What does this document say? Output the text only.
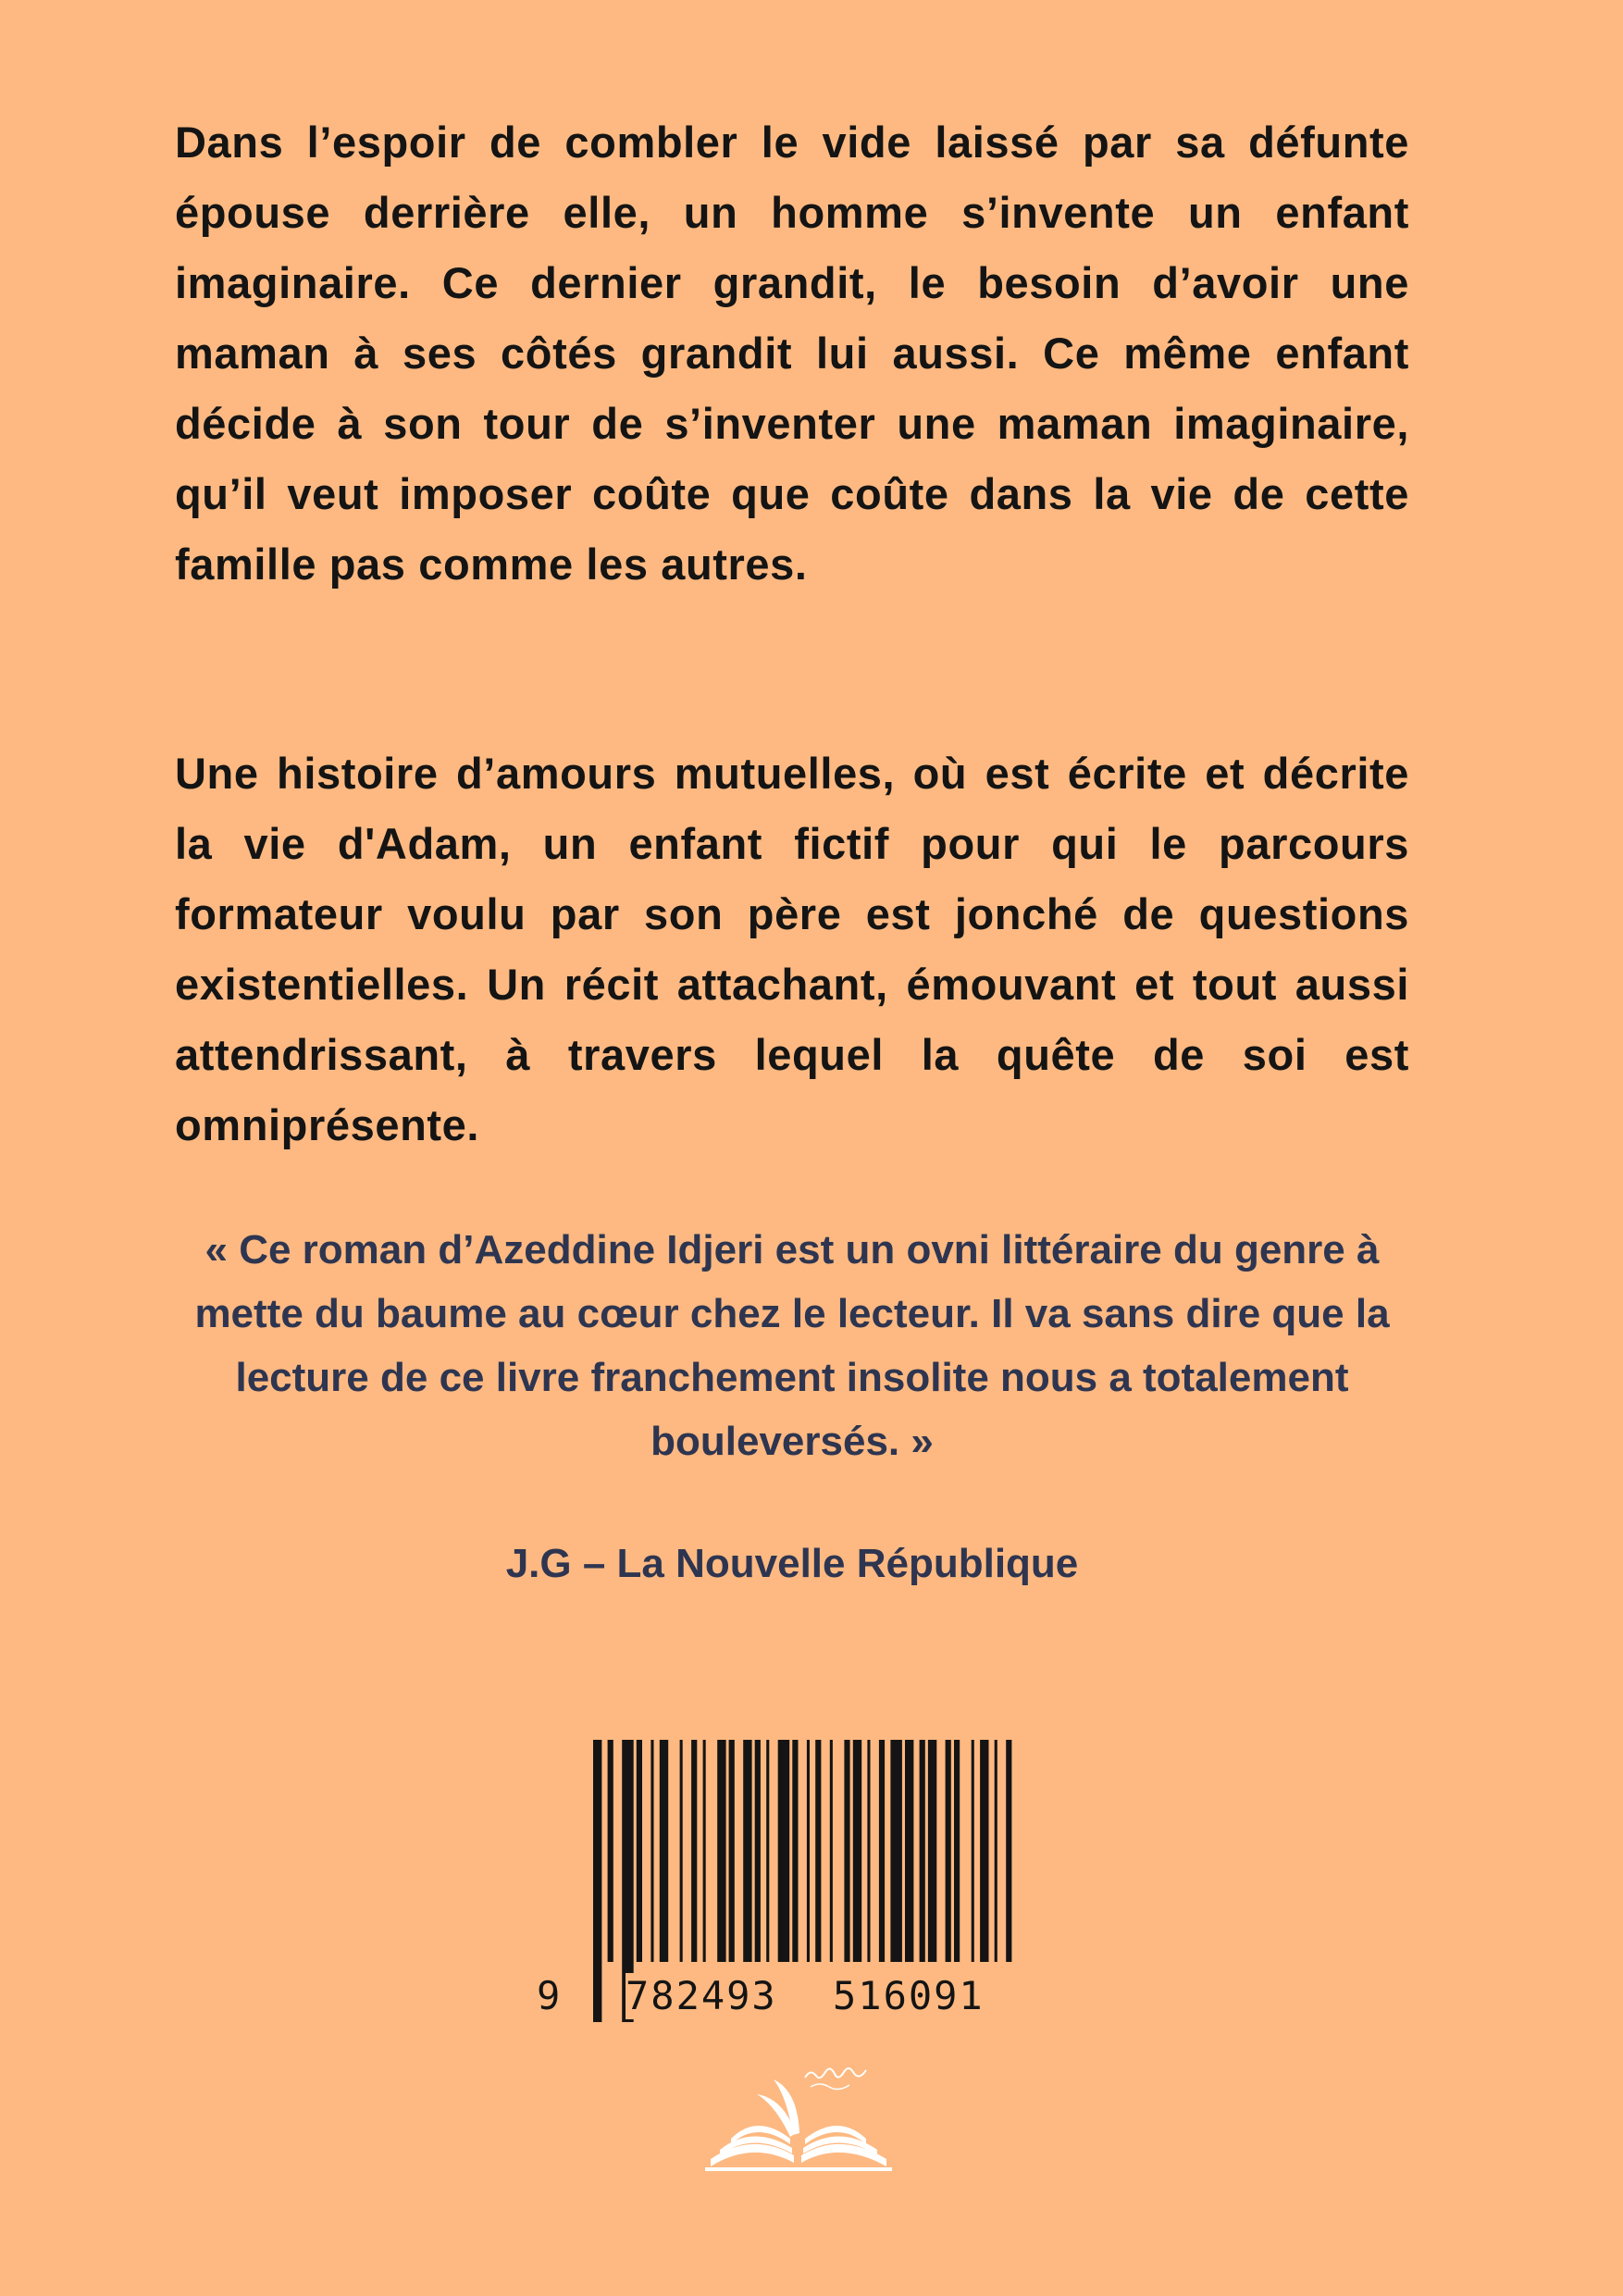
Dans l’espoir de combler le vide laissé par sa défunte épouse derrière elle, un homme s’invente un enfant imaginaire. Ce dernier grandit, le besoin d’avoir une maman à ses côtés grandit lui aussi. Ce même enfant décide à son tour de s’inventer une maman imaginaire, qu’il veut imposer coûte que coûte dans la vie de cette famille pas comme les autres.

Une histoire d’amours mutuelles, où est écrite et décrite la vie d'Adam, un enfant fictif pour qui le parcours formateur voulu par son père est jonché de questions existentielles. Un récit attachant, émouvant et tout aussi attendrissant, à travers lequel la quête de soi est omniprésente.

« Ce roman d’Azeddine Idjeri est un ovni littéraire du genre à mette du baume au cœur chez le lecteur. Il va sans dire que la lecture de ce livre franchement insolite nous a totalement bouleversés. »

J.G – La Nouvelle République

9 782493 516091
